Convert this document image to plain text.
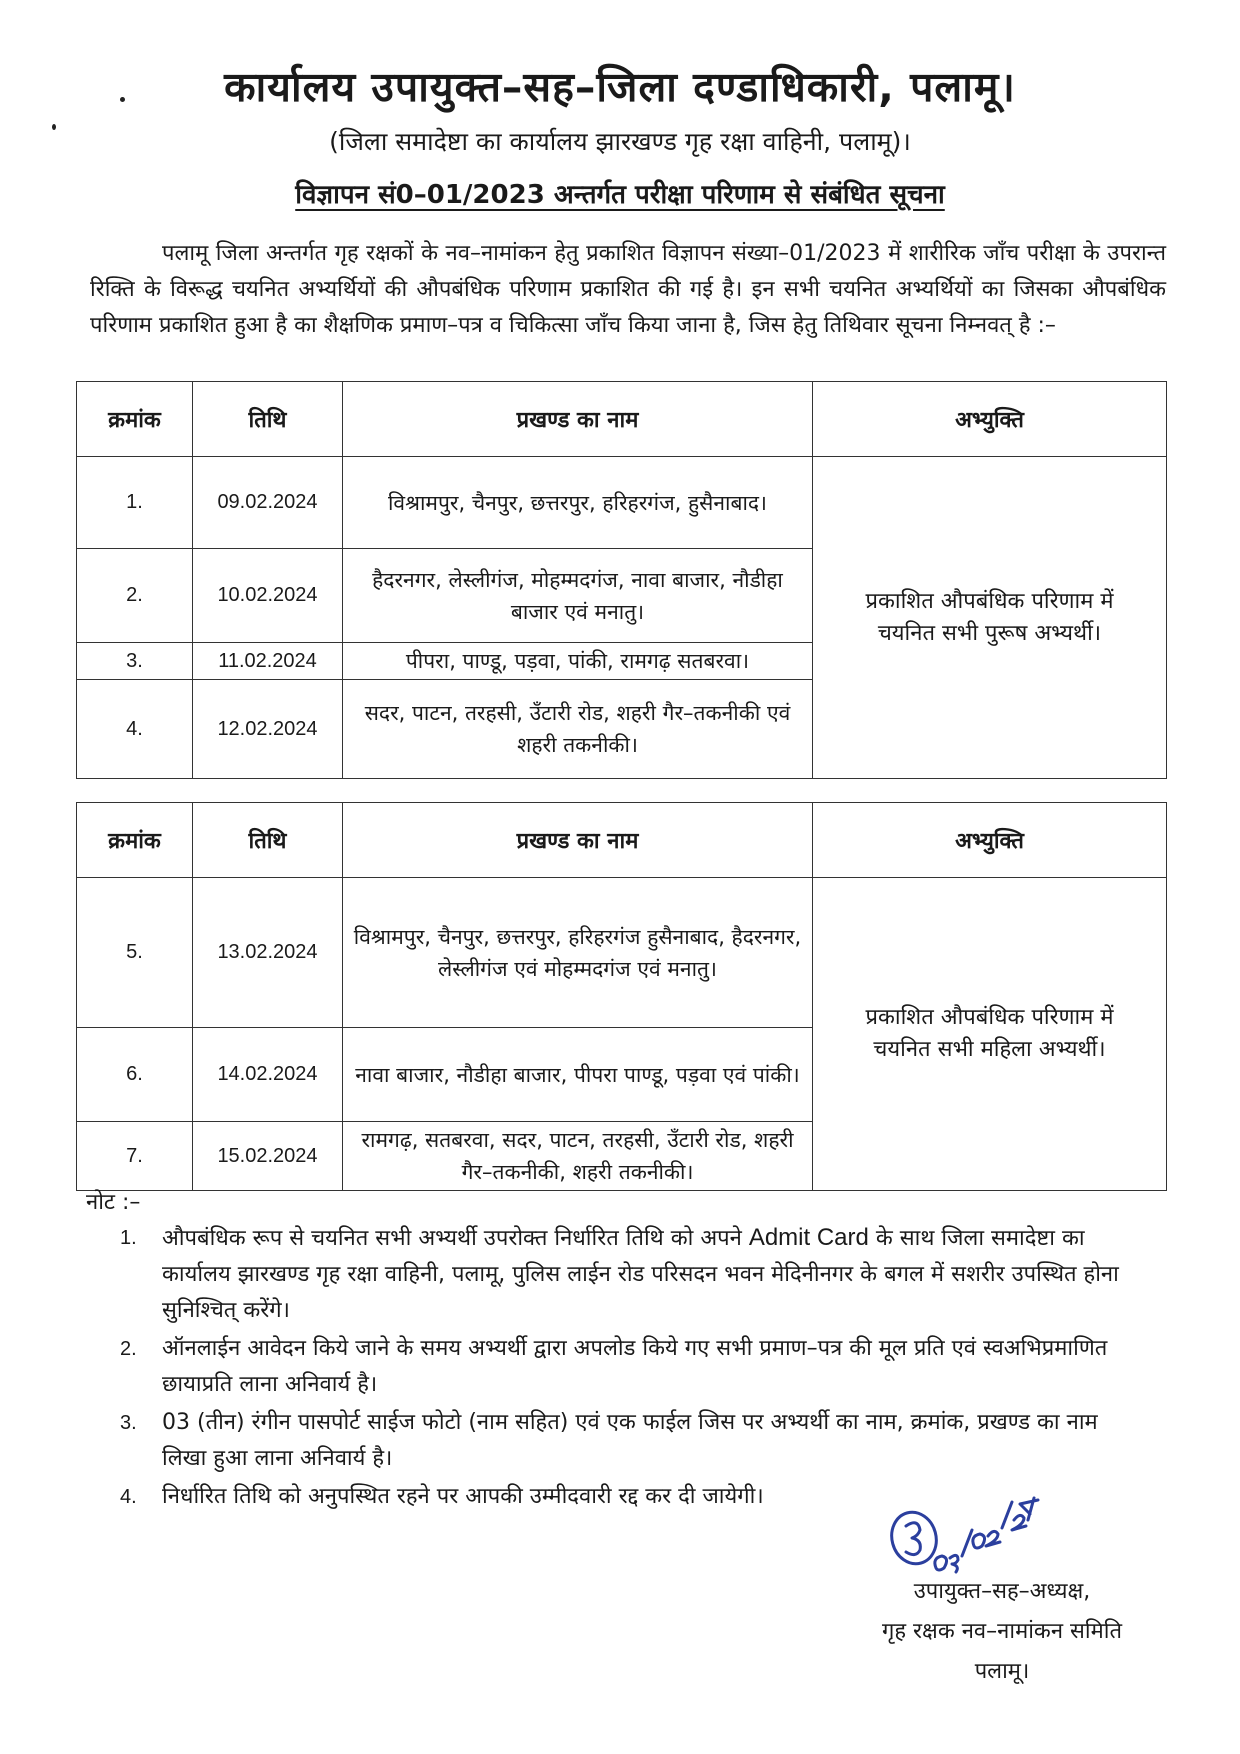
कार्यालय उपायुक्त–सह–जिला दण्डाधिकारी, पलामू।
(जिला समादेष्टा का कार्यालय झारखण्ड गृह रक्षा वाहिनी, पलामू)।
विज्ञापन सं0–01/2023 अन्तर्गत परीक्षा परिणाम से संबंधित सूचना
पलामू जिला अन्तर्गत गृह रक्षकों के नव–नामांकन हेतु प्रकाशित विज्ञापन संख्या–01/2023 में शारीरिक जाँच परीक्षा के उपरान्त रिक्ति के विरूद्ध चयनित अभ्यर्थियों की औपबंधिक परिणाम प्रकाशित की गई है। इन सभी चयनित अभ्यर्थियों का जिसका औपबंधिक परिणाम प्रकाशित हुआ है का शैक्षणिक प्रमाण–पत्र व चिकित्सा जाँच किया जाना है, जिस हेतु तिथिवार सूचना निम्नवत् है :–
क्रमांक	तिथि	प्रखण्ड का नाम	अभ्युक्ति
1.	09.02.2024	विश्रामपुर, चैनपुर, छत्तरपुर, हरिहरगंज, हुसैनाबाद।	प्रकाशित औपबंधिक परिणाम में चयनित सभी पुरूष अभ्यर्थी।
2.	10.02.2024	हैदरनगर, लेस्लीगंज, मोहम्मदगंज, नावा बाजार, नौडीहा बाजार एवं मनातु।	
3.	11.02.2024	पीपरा, पाण्डू, पड़वा, पांकी, रामगढ़ सतबरवा।	
4.	12.02.2024	सदर, पाटन, तरहसी, उँटारी रोड, शहरी गैर–तकनीकी एवं शहरी तकनीकी।	
क्रमांक	तिथि	प्रखण्ड का नाम	अभ्युक्ति
5.	13.02.2024	विश्रामपुर, चैनपुर, छत्तरपुर, हरिहरगंज हुसैनाबाद, हैदरनगर, लेस्लीगंज एवं मोहम्मदगंज एवं मनातु।	प्रकाशित औपबंधिक परिणाम में चयनित सभी महिला अभ्यर्थी।
6.	14.02.2024	नावा बाजार, नौडीहा बाजार, पीपरा पाण्डू, पड़वा एवं पांकी।	
7.	15.02.2024	रामगढ़, सतबरवा, सदर, पाटन, तरहसी, उँटारी रोड, शहरी गैर–तकनीकी, शहरी तकनीकी।	
नोट :–
1. औपबंधिक रूप से चयनित सभी अभ्यर्थी उपरोक्त निर्धारित तिथि को अपने Admit Card के साथ जिला समादेष्टा का कार्यालय झारखण्ड गृह रक्षा वाहिनी, पलामू, पुलिस लाईन रोड परिसदन भवन मेदिनीनगर के बगल में सशरीर उपस्थित होना सुनिश्चित् करेंगे।
2. ऑनलाईन आवेदन किये जाने के समय अभ्यर्थी द्वारा अपलोड किये गए सभी प्रमाण–पत्र की मूल प्रति एवं स्वअभिप्रमाणित छायाप्रति लाना अनिवार्य है।
3. 03 (तीन) रंगीन पासपोर्ट साईज फोटो (नाम सहित) एवं एक फाईल जिस पर अभ्यर्थी का नाम, क्रमांक, प्रखण्ड का नाम लिखा हुआ लाना अनिवार्य है।
4. निर्धारित तिथि को अनुपस्थित रहने पर आपकी उम्मीदवारी रद्द कर दी जायेगी।
उपायुक्त–सह–अध्यक्ष,
गृह रक्षक नव–नामांकन समिति
पलामू।
